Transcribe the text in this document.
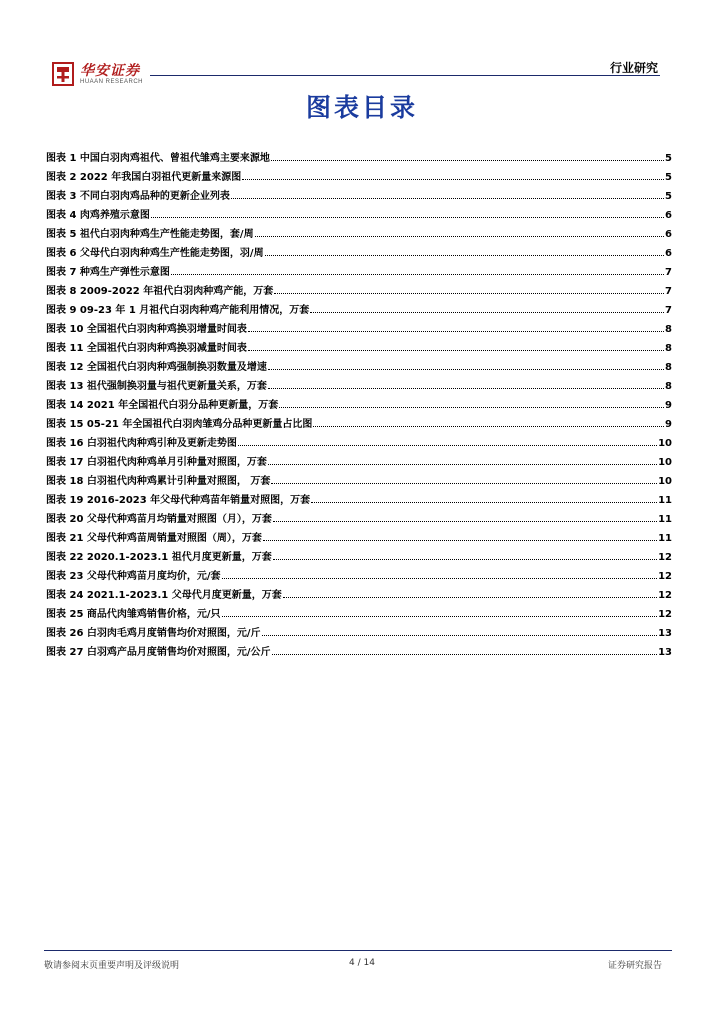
华安证券
HUAAN RESEARCH
行业研究
图表目录
图表 1 中国白羽肉鸡祖代、曾祖代雏鸡主要来源地	5
图表 2 2022 年我国白羽祖代更新量来源图	5
图表 3 不同白羽肉鸡品种的更新企业列表	5
图表 4 肉鸡养殖示意图	6
图表 5 祖代白羽肉种鸡生产性能走势图，套/周	6
图表 6 父母代白羽肉种鸡生产性能走势图，羽/周	6
图表 7 种鸡生产弹性示意图	7
图表 8 2009-2022 年祖代白羽肉种鸡产能，万套	7
图表 9 09-23 年 1 月祖代白羽肉种鸡产能利用情况，万套	7
图表 10 全国祖代白羽肉种鸡换羽增量时间表	8
图表 11 全国祖代白羽肉种鸡换羽减量时间表	8
图表 12 全国祖代白羽肉种鸡强制换羽数量及增速	8
图表 13 祖代强制换羽量与祖代更新量关系，万套	8
图表 14 2021 年全国祖代白羽分品种更新量，万套	9
图表 15 05-21 年全国祖代白羽肉雏鸡分品种更新量占比图	9
图表 16 白羽祖代肉种鸡引种及更新走势图	10
图表 17 白羽祖代肉种鸡单月引种量对照图，万套	10
图表 18 白羽祖代肉种鸡累计引种量对照图， 万套	10
图表 19 2016-2023 年父母代种鸡苗年销量对照图，万套	11
图表 20 父母代种鸡苗月均销量对照图（月），万套	11
图表 21 父母代种鸡苗周销量对照图（周），万套	11
图表 22 2020.1-2023.1 祖代月度更新量，万套	12
图表 23 父母代种鸡苗月度均价，元/套	12
图表 24 2021.1-2023.1 父母代月度更新量，万套	12
图表 25 商品代肉雏鸡销售价格，元/只	12
图表 26 白羽肉毛鸡月度销售均价对照图，元/斤	13
图表 27 白羽鸡产品月度销售均价对照图，元/公斤	13
敬请参阅末页重要声明及评级说明	4 / 14	证券研究报告
